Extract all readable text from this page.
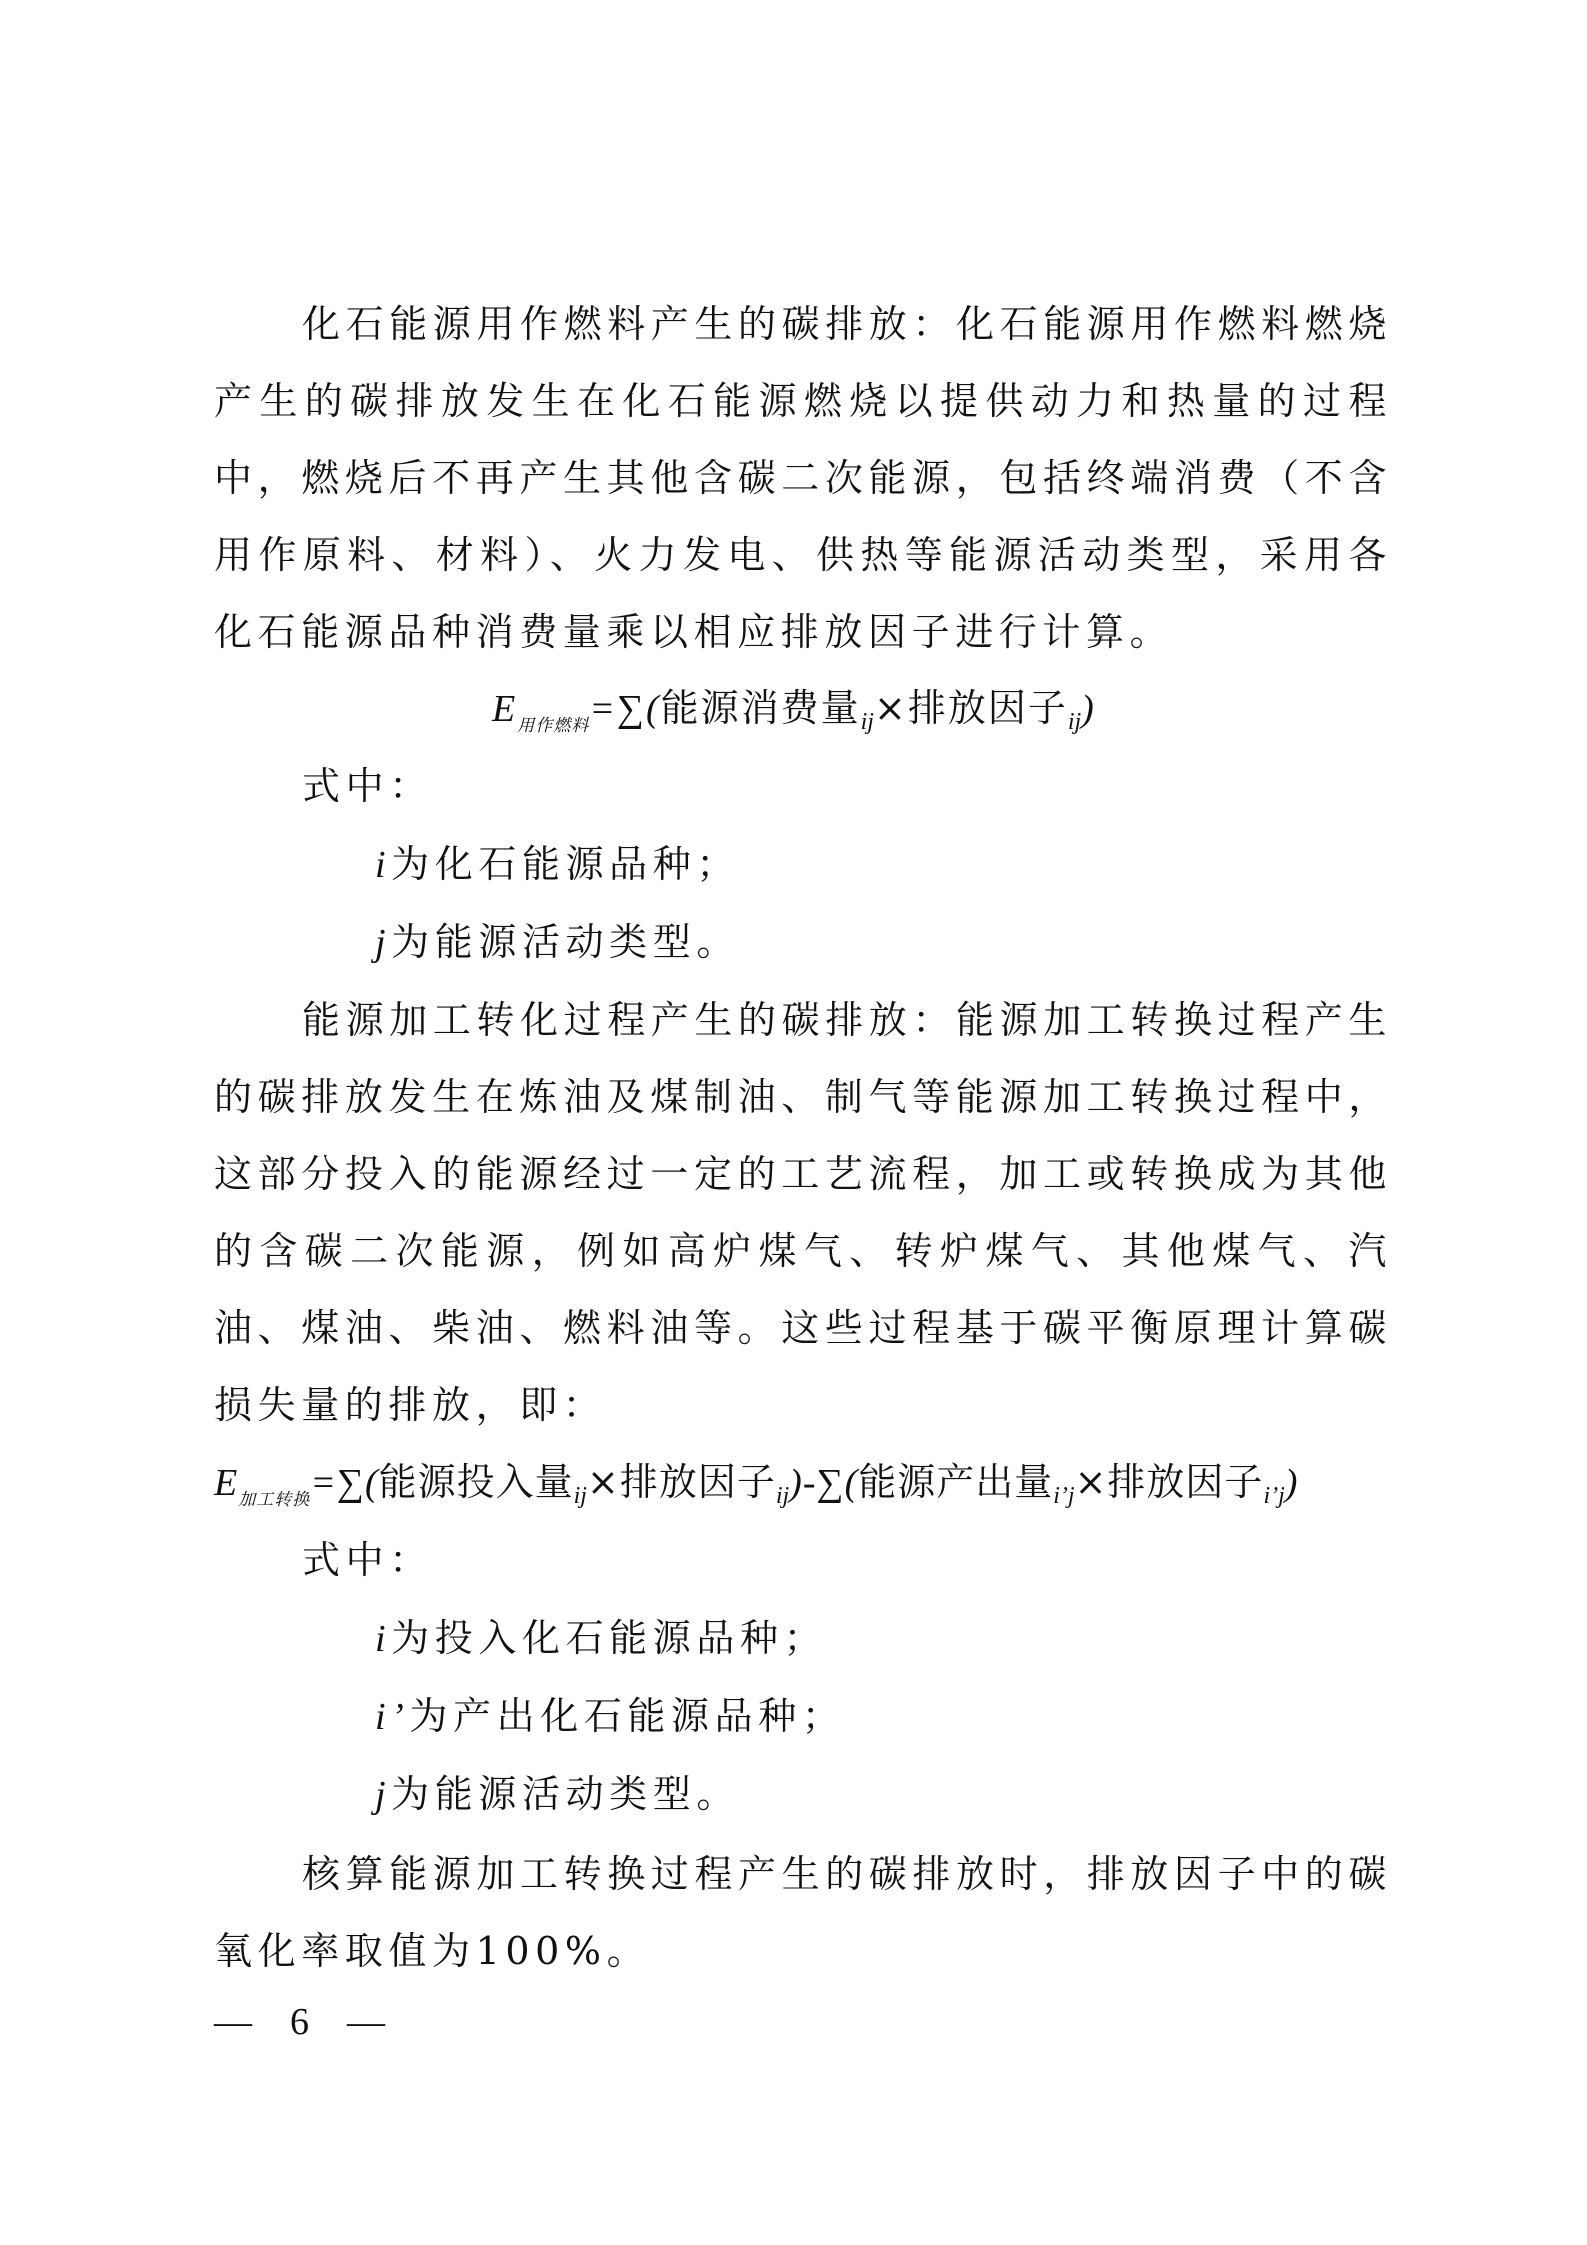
化石能源用作燃料产生的碳排放：化石能源用作燃料燃烧产生的碳排放发生在化石能源燃烧以提供动力和热量的过程中，燃烧后不再产生其他含碳二次能源，包括终端消费（不含用作原料、材料）、火力发电、供热等能源活动类型，采用各化石能源品种消费量乘以相应排放因子进行计算。

$E_{用作燃料}=\sum$(能源消费量$_{ij}$×排放因子$_{ij}$)
式中：
i为化石能源品种；
j为能源活动类型。

能源加工转化过程产生的碳排放：能源加工转换过程产生的碳排放发生在炼油及煤制油、制气等能源加工转换过程中，这部分投入的能源经过一定的工艺流程，加工或转换成为其他的含碳二次能源，例如高炉煤气、转炉煤气、其他煤气、汽油、煤油、柴油、燃料油等。这些过程基于碳平衡原理计算碳损失量的排放，即：

$E_{加工转换}=\sum$(能源投入量$_{ij}$×排放因子$_{ij}$)-∑(能源产出量$_{i’j}$×排放因子$_{i’j}$)
式中：
i为投入化石能源品种；
i’为产出化石能源品种；
j为能源活动类型。

核算能源加工转换过程产生的碳排放时，排放因子中的碳氧化率取值为100%。

— 6 —
